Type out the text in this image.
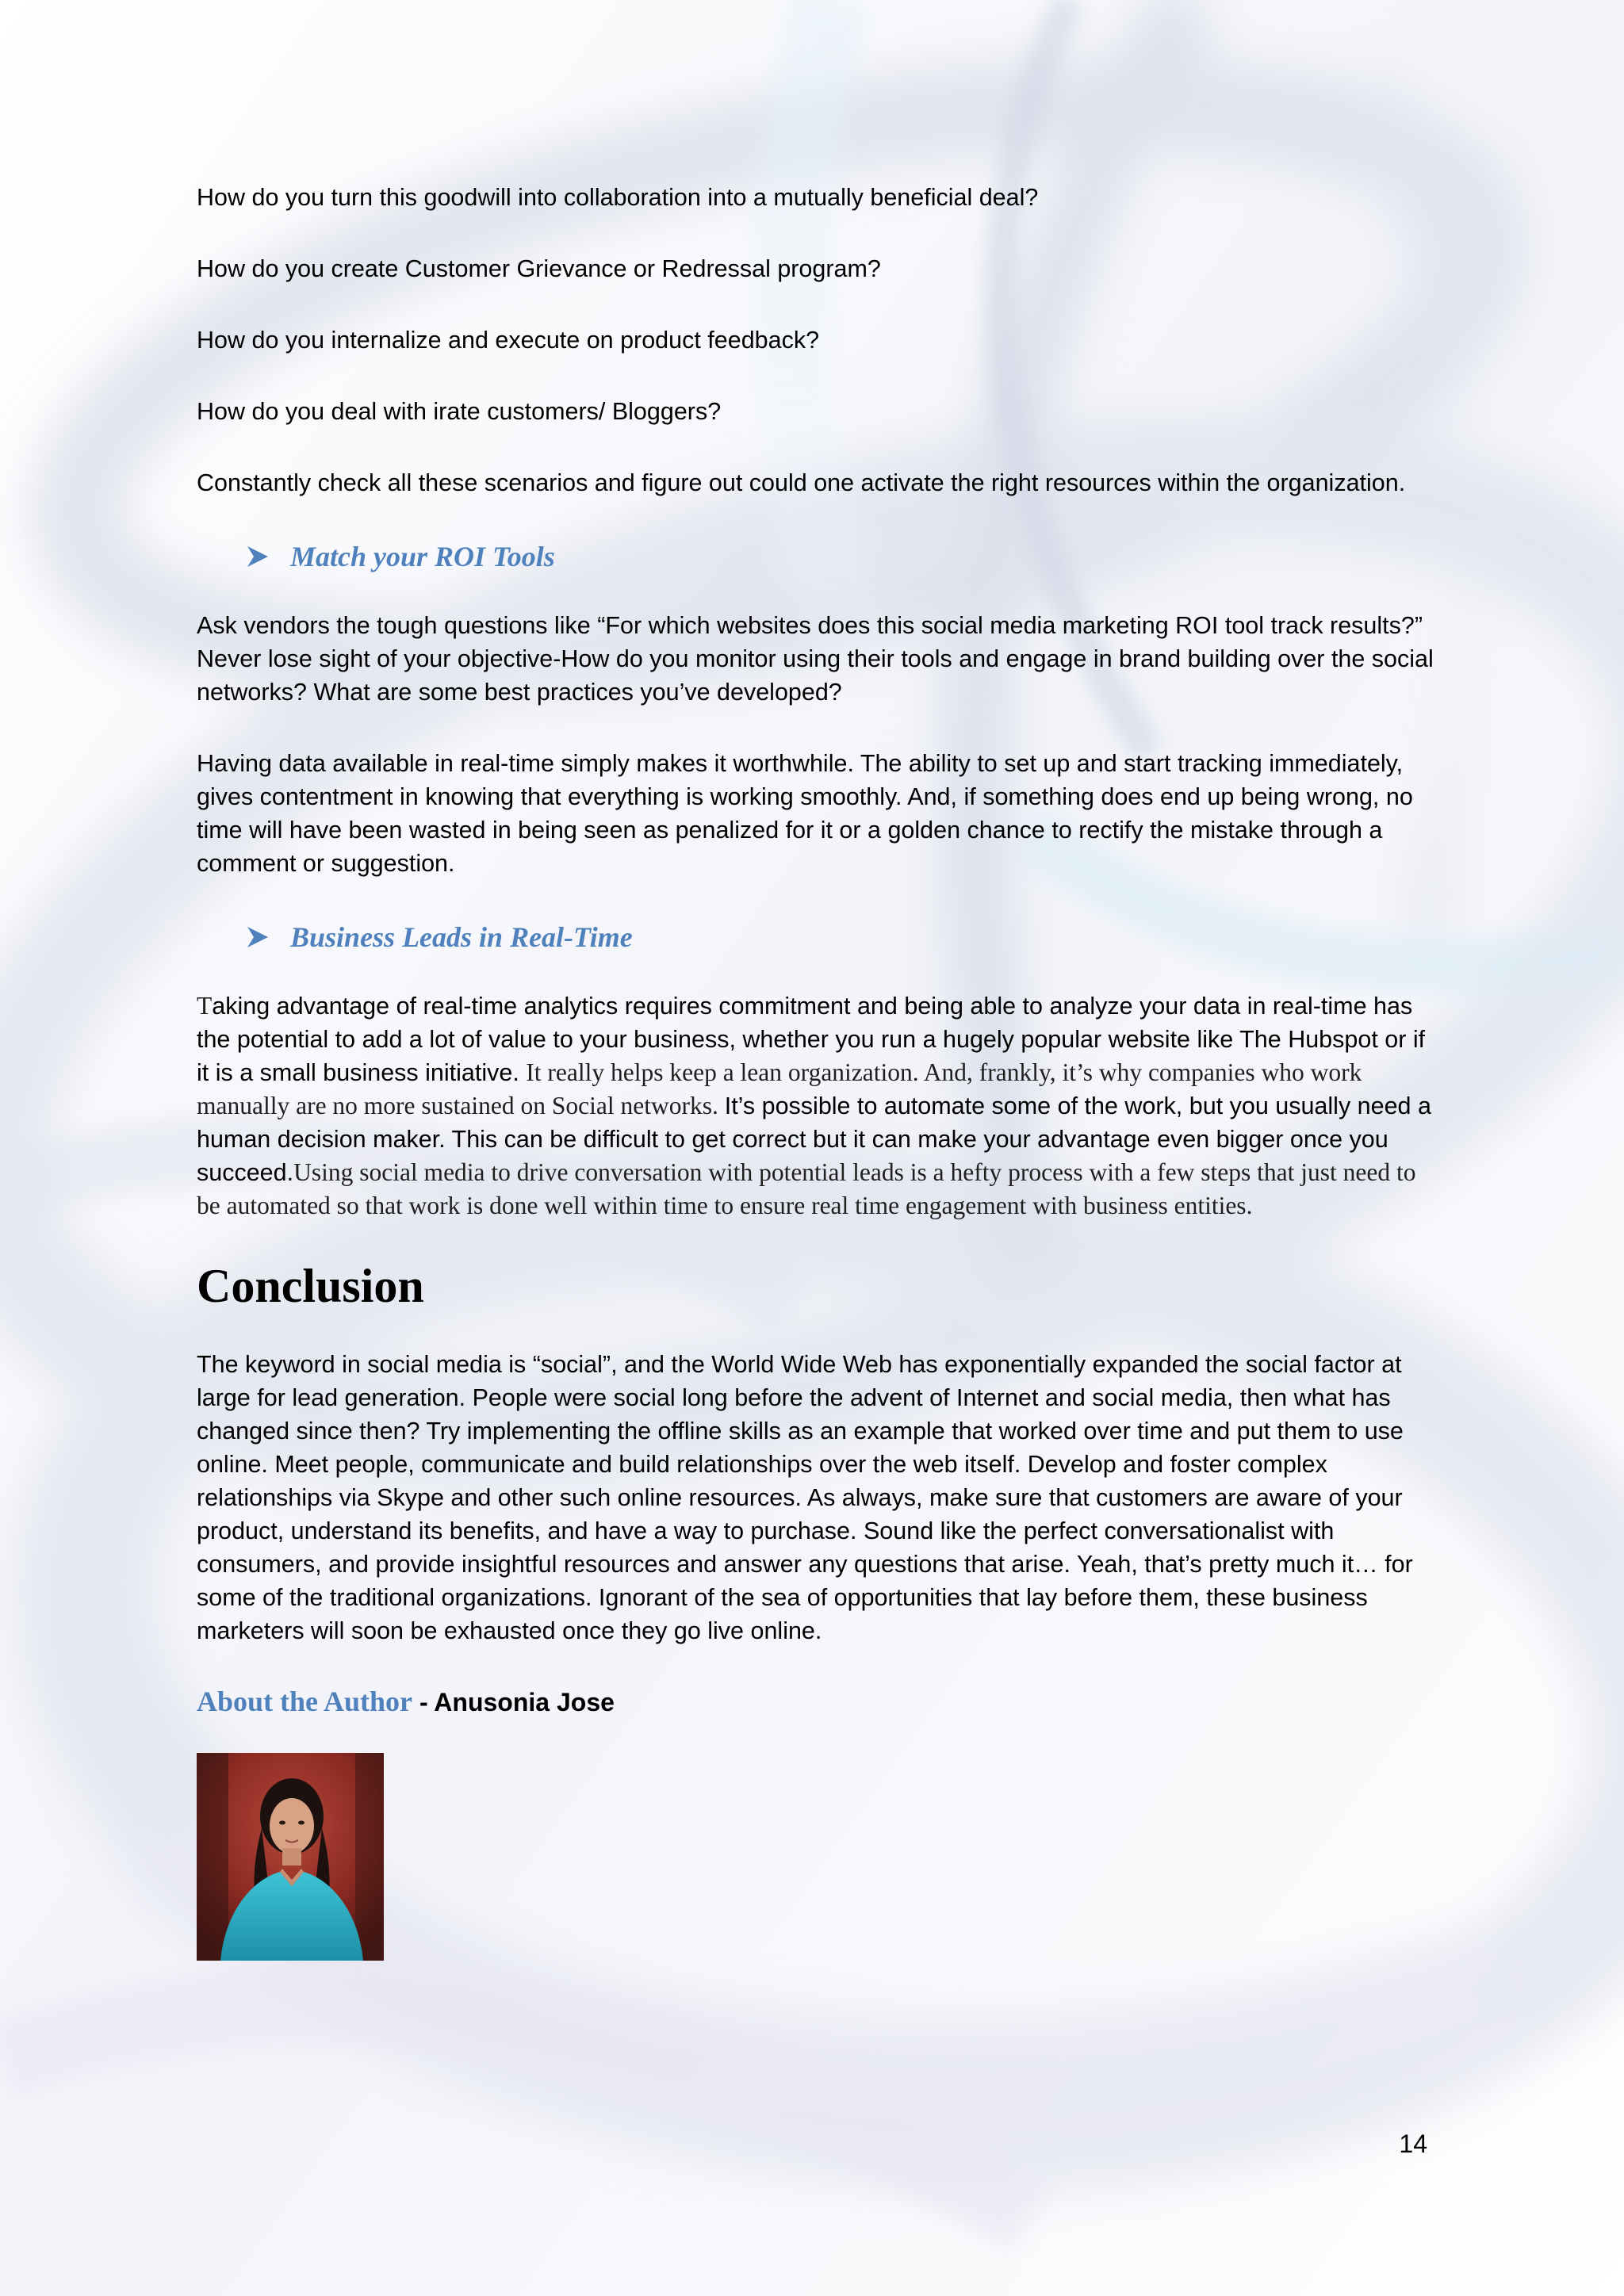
How do you turn this goodwill into collaboration into a mutually beneficial deal?

How do you create Customer Grievance or Redressal program?

How do you internalize and execute on product feedback?

How do you deal with irate customers/ Bloggers?

Constantly check all these scenarios and figure out could one activate the right resources within the organization.

Match your ROI Tools

Ask vendors the tough questions like “For which websites does this social media marketing ROI tool track results?” Never lose sight of your objective-How do you monitor using their tools and engage in brand building over the social networks? What are some best practices you’ve developed?

Having data available in real-time simply makes it worthwhile. The ability to set up and start tracking immediately, gives contentment in knowing that everything is working smoothly. And, if something does end up being wrong, no time will have been wasted in being seen as penalized for it or a golden chance to rectify the mistake through a comment or suggestion.

Business Leads in Real-Time

Taking advantage of real-time analytics requires commitment and being able to analyze your data in real-time has the potential to add a lot of value to your business, whether you run a hugely popular website like The Hubspot or if it is a small business initiative. It really helps keep a lean organization. And, frankly, it’s why companies who work manually are no more sustained on Social networks. It’s possible to automate some of the work, but you usually need a human decision maker. This can be difficult to get correct but it can make your advantage even bigger once you succeed.Using social media to drive conversation with potential leads is a hefty process with a few steps that just need to be automated so that work is done well within time to ensure real time engagement with business entities.

Conclusion

The keyword in social media is “social”, and the World Wide Web has exponentially expanded the social factor at large for lead generation. People were social long before the advent of Internet and social media, then what has changed since then? Try implementing the offline skills as an example that worked over time and put them to use online. Meet people, communicate and build relationships over the web itself. Develop and foster complex relationships via Skype and other such online resources. As always, make sure that customers are aware of your product, understand its benefits, and have a way to purchase. Sound like the perfect conversationalist with consumers, and provide insightful resources and answer any questions that arise. Yeah, that’s pretty much it… for some of the traditional organizations. Ignorant of the sea of opportunities that lay before them, these business marketers will soon be exhausted once they go live online.

About the Author - Anusonia Jose
14
